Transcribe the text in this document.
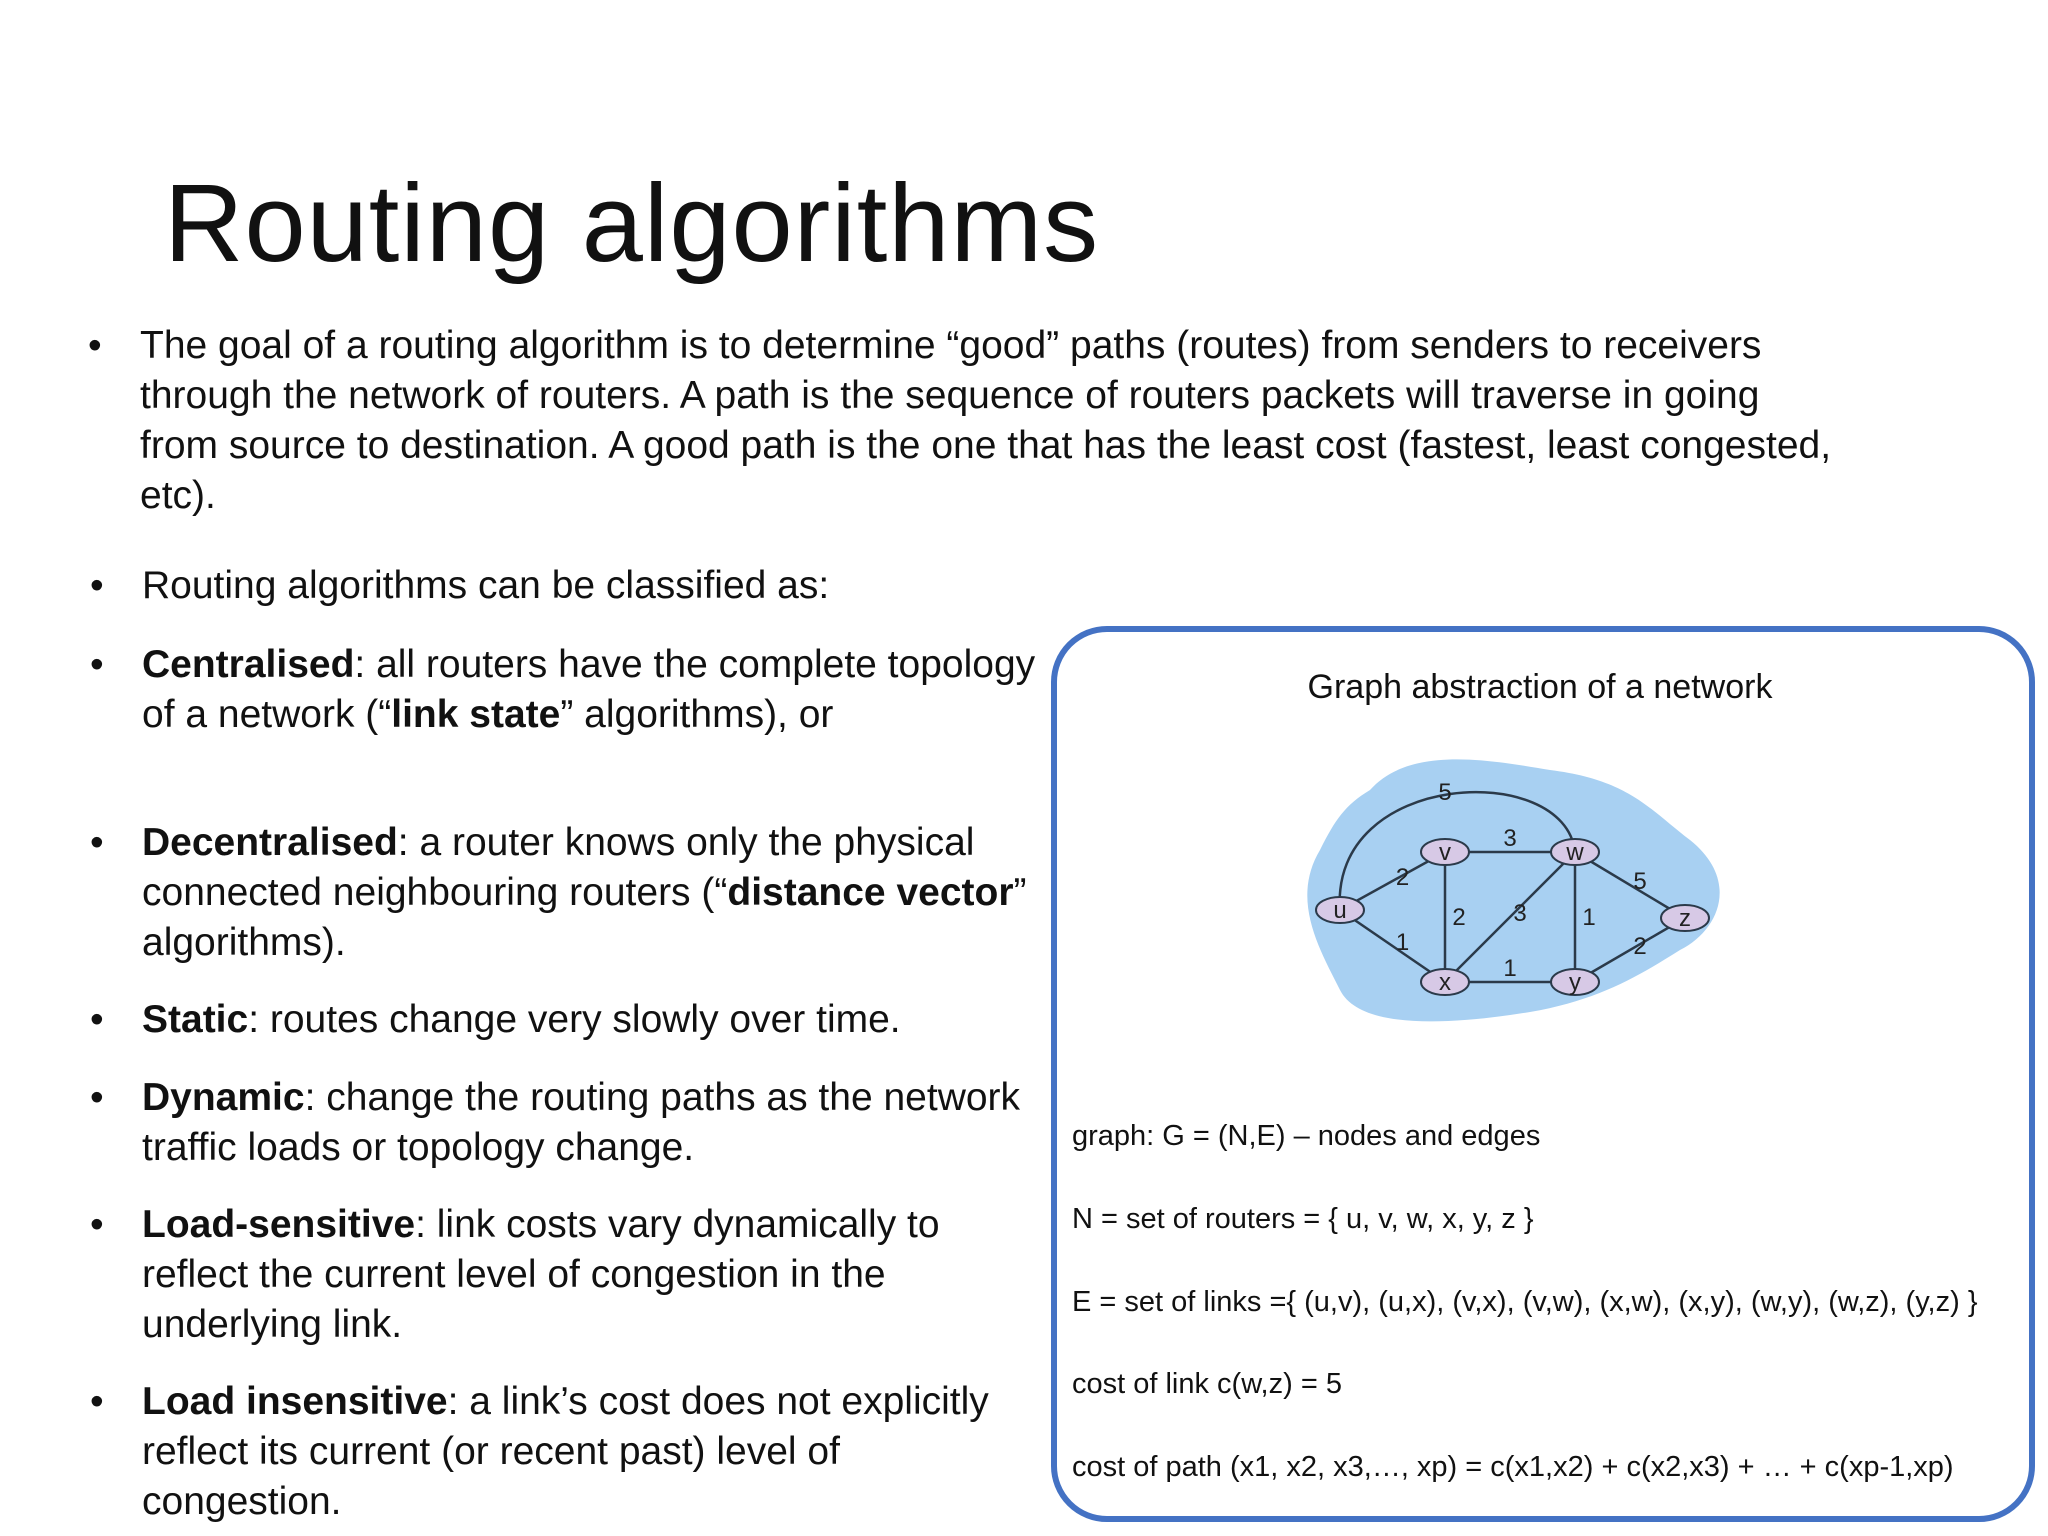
Routing algorithms
• The goal of a routing algorithm is to determine “good” paths (routes) from senders to receivers through the network of routers. A path is the sequence of routers packets will traverse in going from source to destination. A good path is the one that has the least cost (fastest, least congested, etc).
• Routing algorithms can be classified as:
• Centralised: all routers have the complete topology of a network (“link state” algorithms), or
• Decentralised: a router knows only the physical connected neighbouring routers (“distance vector” algorithms).
• Static: routes change very slowly over time.
• Dynamic: change the routing paths as the network traffic loads or topology change.
• Load-sensitive: link costs vary dynamically to reflect the current level of congestion in the underlying link.
• Load insensitive: a link’s cost does not explicitly reflect its current (or recent past) level of congestion.
Graph abstraction of a network
2
1
5
3
2 3
1
1
5
2
u
v	w
x	y
z
graph: G = (N,E) – nodes and edges
N = set of routers = { u, v, w, x, y, z }
E = set of links ={ (u,v), (u,x), (v,x), (v,w), (x,w), (x,y), (w,y), (w,z), (y,z) }
cost of link c(w,z) = 5
cost of path (x1, x2, x3,…, xp) = c(x1,x2) + c(x2,x3) + … + c(xp-1,xp)
